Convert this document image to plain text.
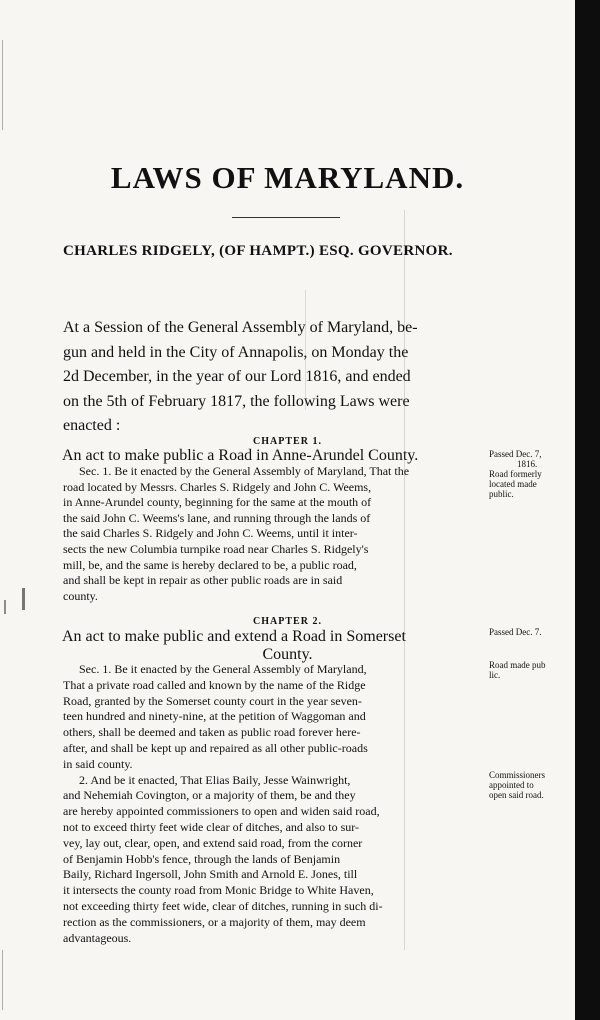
LAWS OF MARYLAND.
CHARLES RIDGELY, (OF HAMPT.) ESQ. GOVERNOR.
At a Session of the General Assembly of Maryland, be-
gun and held in the City of Annapolis, on Monday the
2d December, in the year of our Lord 1816, and ended
on the 5th of February 1817, the following Laws were
enacted :
CHAPTER 1.
An act to make public a Road in Anne-Arundel County.
Sec. 1. Be it enacted by the General Assembly of Maryland, That the
road located by Messrs. Charles S. Ridgely and John C. Weems,
in Anne-Arundel county, beginning for the same at the mouth of
the said John C. Weems's lane, and running through the lands of
the said Charles S. Ridgely and John C. Weems, until it inter-
sects the new Columbia turnpike road near Charles S. Ridgely's
mill, be, and the same is hereby declared to be, a public road,
and shall be kept in repair as other public roads are in said
county.
Passed Dec. 7,
1816.
Road formerly
located made
public.
CHAPTER 2.
An act to make public and extend a Road in Somerset
County.
Sec. 1. Be it enacted by the General Assembly of Maryland,
That a private road called and known by the name of the Ridge
Road, granted by the Somerset county court in the year seven-
teen hundred and ninety-nine, at the petition of Waggoman and
others, shall be deemed and taken as public road forever here-
after, and shall be kept up and repaired as all other public-roads
in said county.
2. And be it enacted, That Elias Baily, Jesse Wainwright,
and Nehemiah Covington, or a majority of them, be and they
are hereby appointed commissioners to open and widen said road,
not to exceed thirty feet wide clear of ditches, and also to sur-
vey, lay out, clear, open, and extend said road, from the corner
of Benjamin Hobb's fence, through the lands of Benjamin
Baily, Richard Ingersoll, John Smith and Arnold E. Jones, till
it intersects the county road from Monic Bridge to White Haven,
not exceeding thirty feet wide, clear of ditches, running in such di-
rection as the commissioners, or a majority of them, may deem
advantageous.
Passed Dec. 7.
Road made pub
lic.
Commissioners
appointed to
open said road.
